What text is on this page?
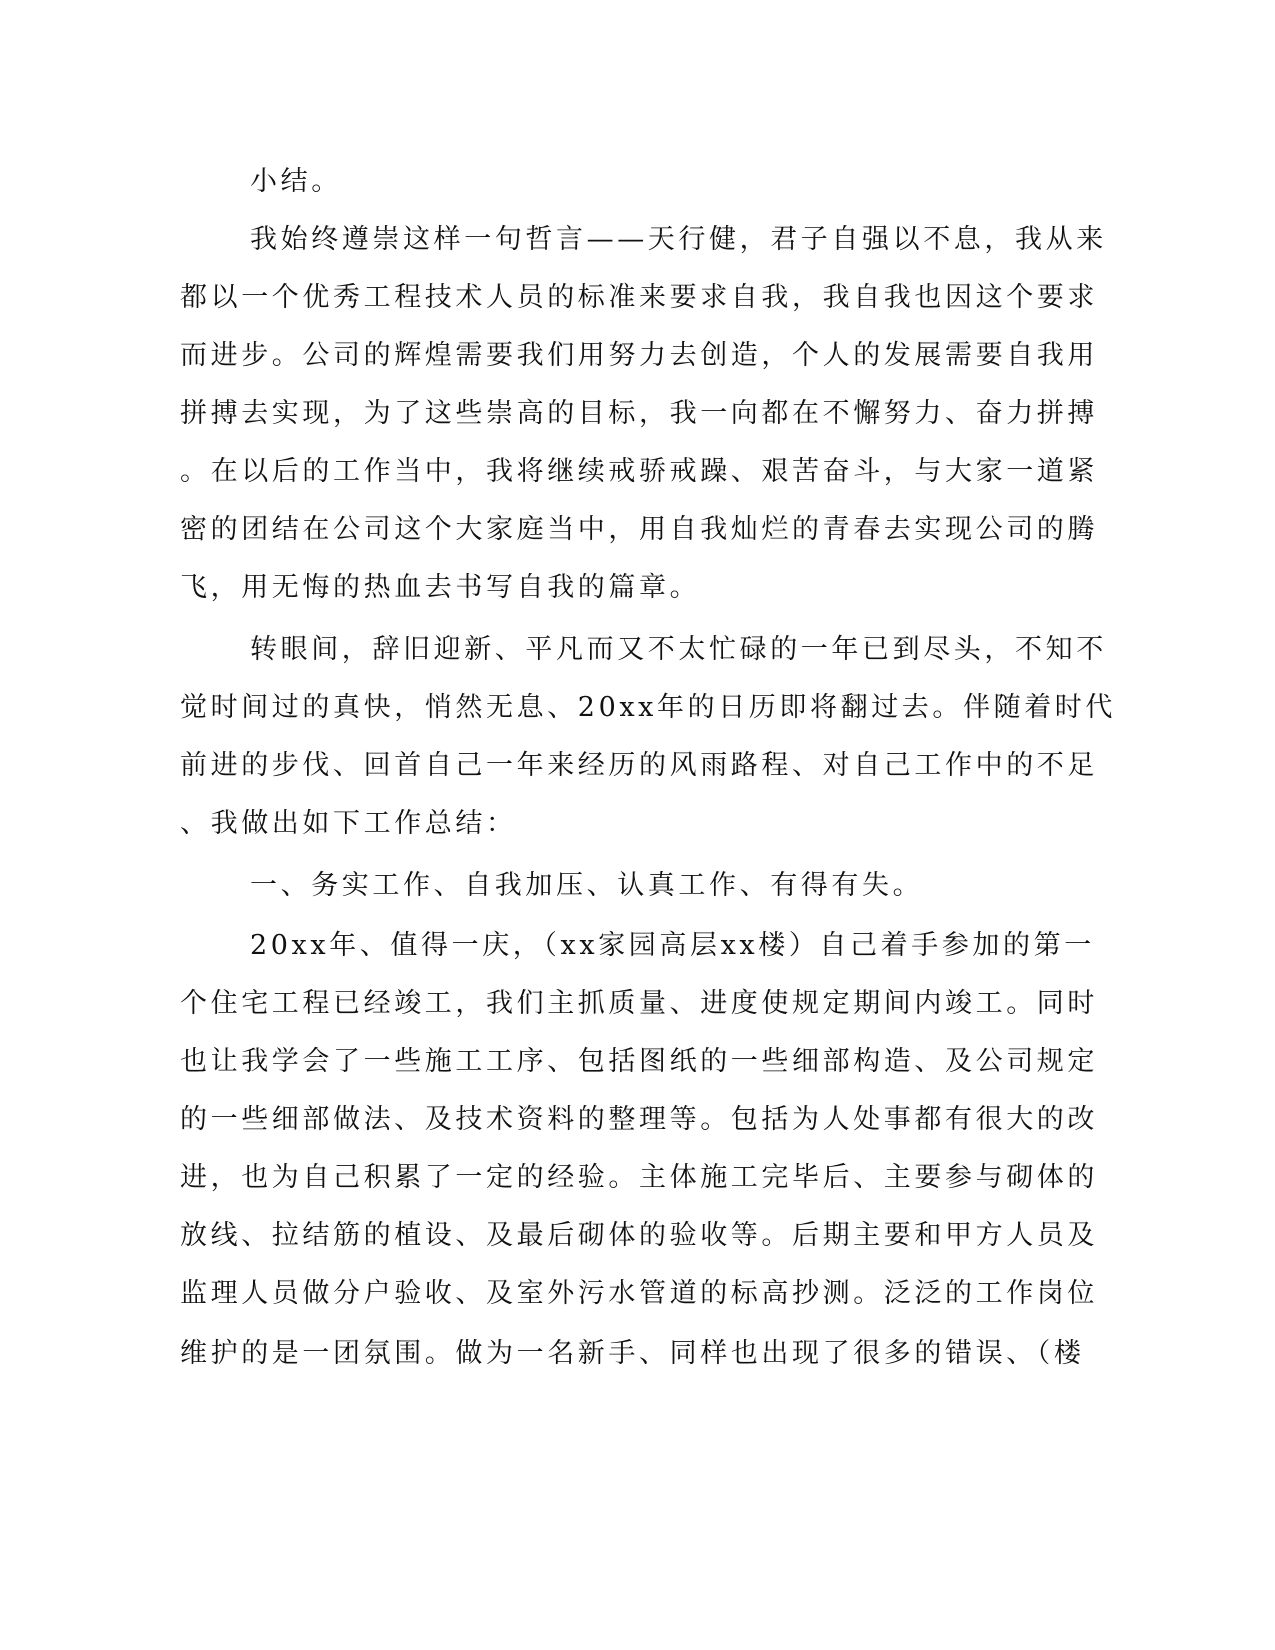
小结。
我始终遵崇这样一句哲言——天行健，君子自强以不息，我从来
都以一个优秀工程技术人员的标准来要求自我，我自我也因这个要求
而进步。公司的辉煌需要我们用努力去创造，个人的发展需要自我用
拼搏去实现，为了这些崇高的目标，我一向都在不懈努力、奋力拼搏
。在以后的工作当中，我将继续戒骄戒躁、艰苦奋斗，与大家一道紧
密的团结在公司这个大家庭当中，用自我灿烂的青春去实现公司的腾
飞，用无悔的热血去书写自我的篇章。
转眼间，辞旧迎新、平凡而又不太忙碌的一年已到尽头，不知不
觉时间过的真快，悄然无息、20xx年的日历即将翻过去。伴随着时代
前进的步伐、回首自己一年来经历的风雨路程、对自己工作中的不足
、我做出如下工作总结：
一、务实工作、自我加压、认真工作、有得有失。
20xx年、值得一庆，（xx家园高层xx楼）自己着手参加的第一
个住宅工程已经竣工，我们主抓质量、进度使规定期间内竣工。同时
也让我学会了一些施工工序、包括图纸的一些细部构造、及公司规定
的一些细部做法、及技术资料的整理等。包括为人处事都有很大的改
进，也为自己积累了一定的经验。主体施工完毕后、主要参与砌体的
放线、拉结筋的植设、及最后砌体的验收等。后期主要和甲方人员及
监理人员做分户验收、及室外污水管道的标高抄测。泛泛的工作岗位
维护的是一团氛围。做为一名新手、同样也出现了很多的错误、（楼
